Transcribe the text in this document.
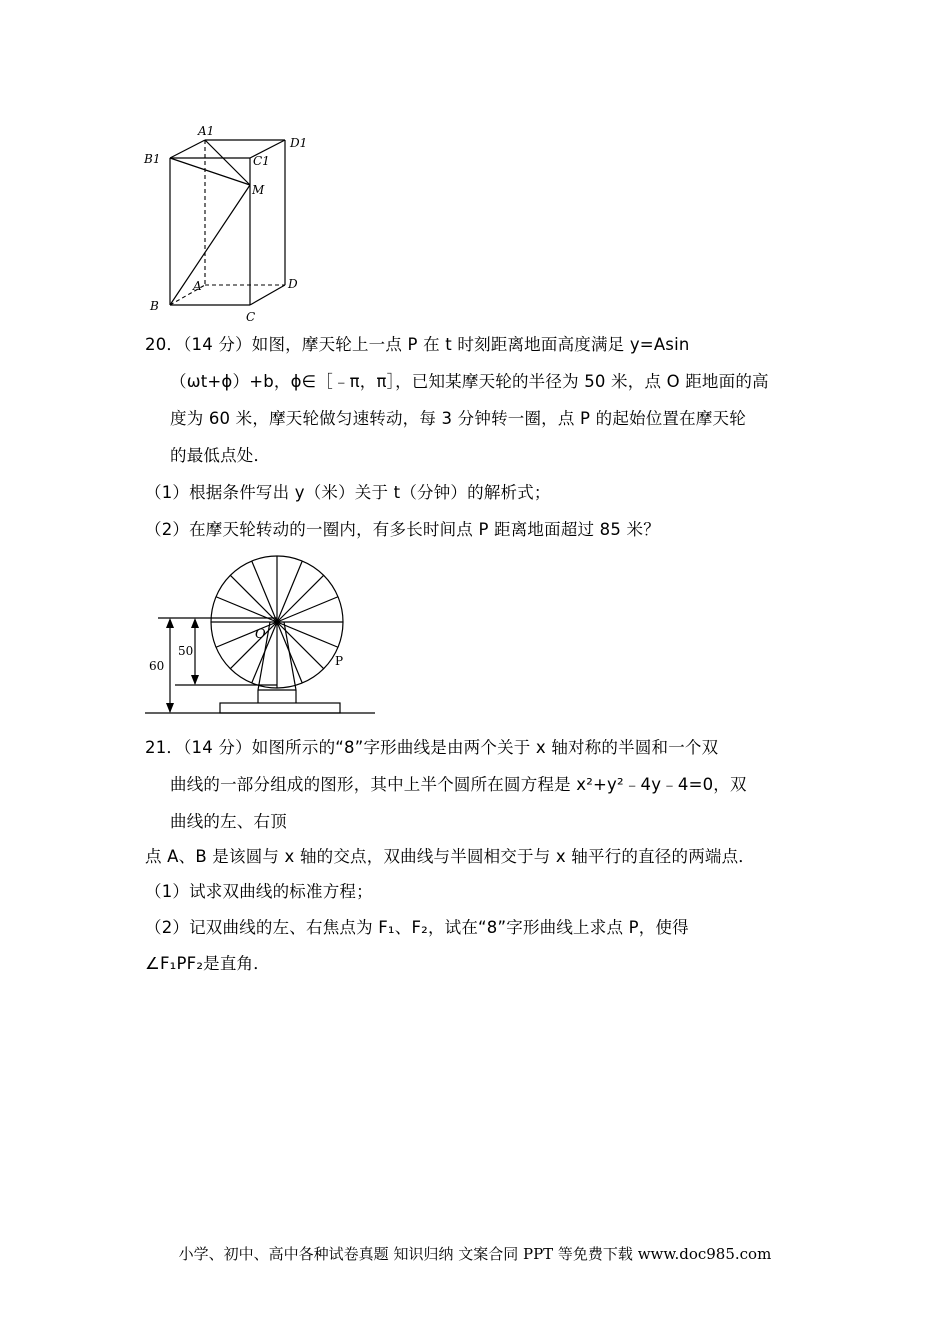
A1
D1
B1	C1
M
A	D
B
C
20．（14 分）如图，摩天轮上一点 P 在 t 时刻距离地面高度满足 y=Asin
（ωt+ϕ）+b，ϕ∈［﹣π，π］，已知某摩天轮的半径为 50 米，点 O 距地面的高
度为 60 米，摩天轮做匀速转动，每 3 分钟转一圈，点 P 的起始位置在摩天轮
的最低点处．
（1）根据条件写出 y（米）关于 t（分钟）的解析式；
（2）在摩天轮转动的一圈内，有多长时间点 P 距离地面超过 85 米？
60
50
O
P
21．（14 分）如图所示的“8”字形曲线是由两个关于 x 轴对称的半圆和一个双
曲线的一部分组成的图形，其中上半个圆所在圆方程是 x²+y²﹣4y﹣4=0，双
曲线的左、右顶
点 A、B 是该圆与 x 轴的交点，双曲线与半圆相交于与 x 轴平行的直径的两端点．
（1）试求双曲线的标准方程；
（2）记双曲线的左、右焦点为 F₁、F₂，试在“8”字形曲线上求点 P，使得
∠F₁PF₂是直角．
小学、初中、高中各种试卷真题 知识归纳 文案合同 PPT 等免费下载 www.doc985.com
